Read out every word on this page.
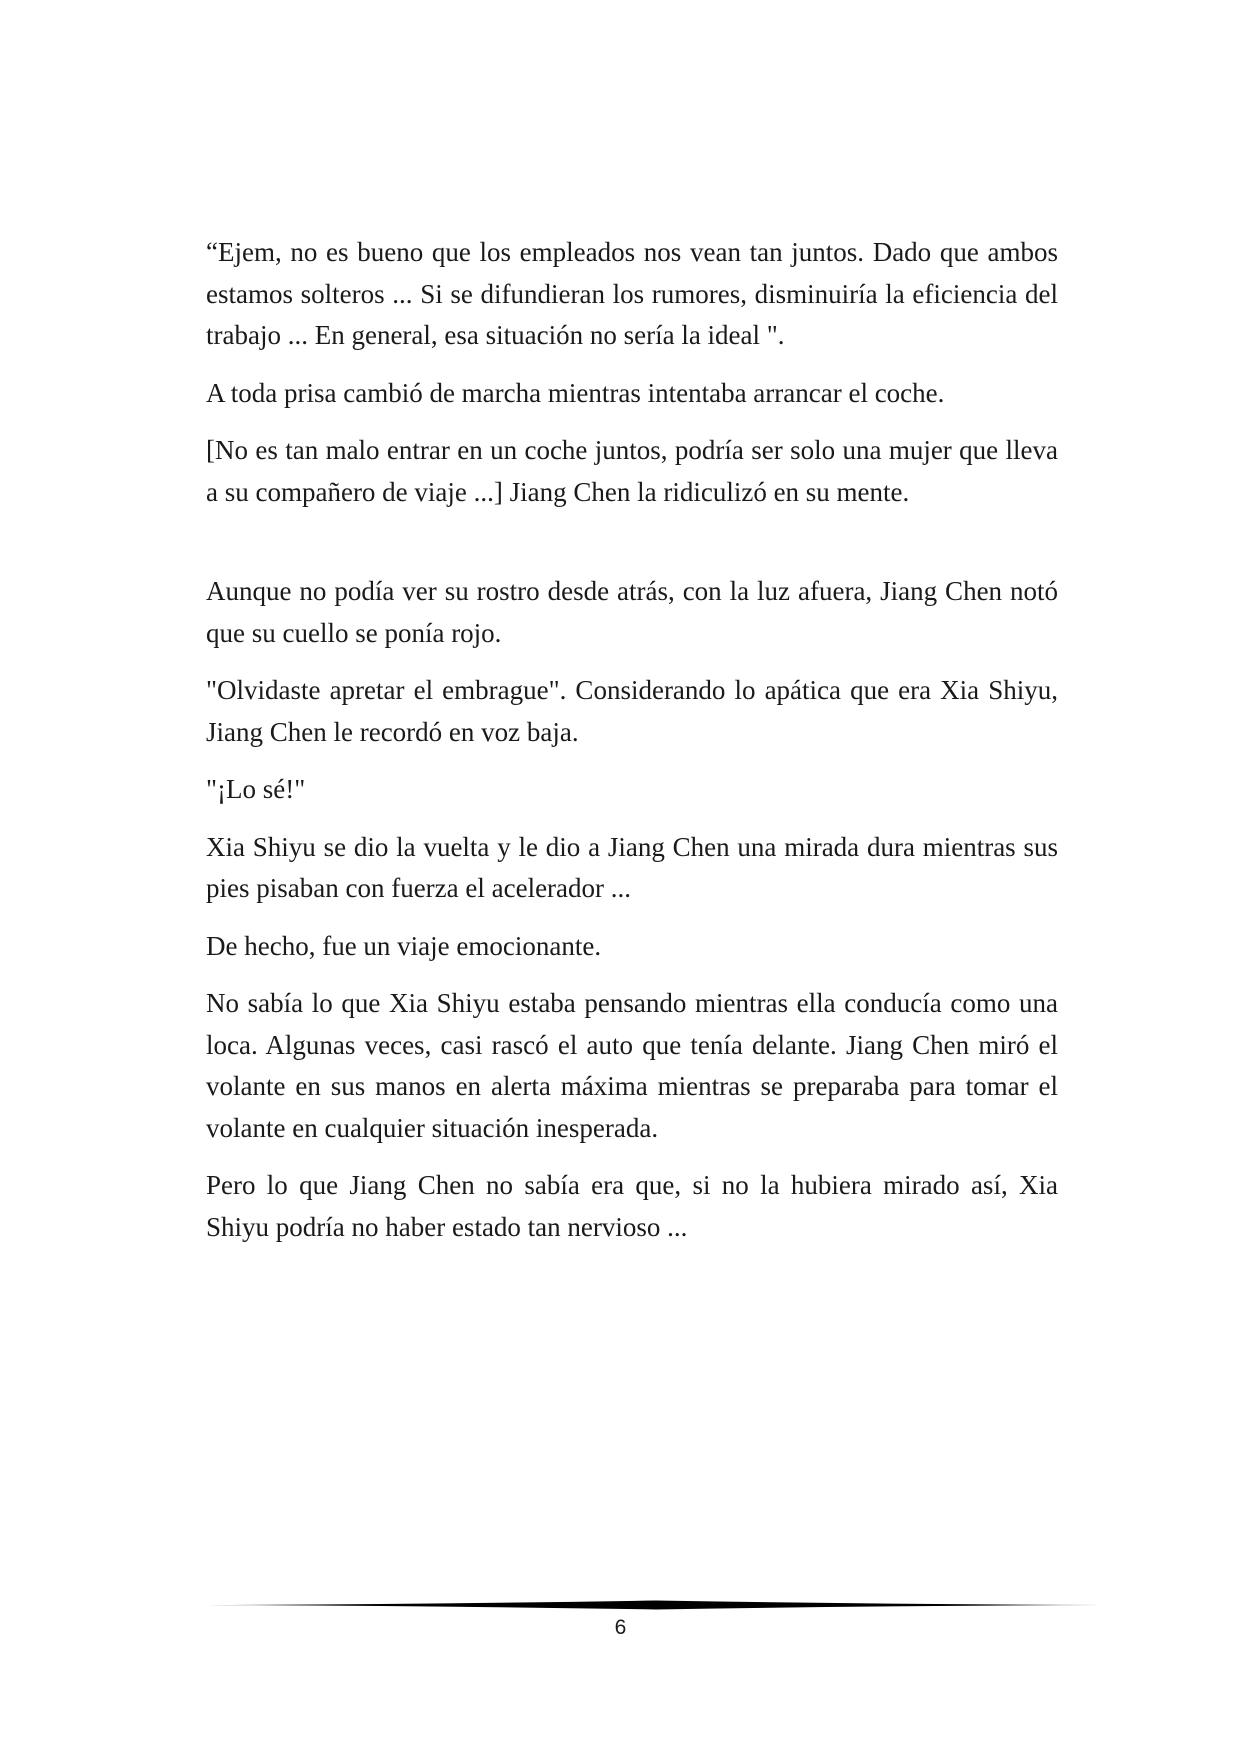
“Ejem, no es bueno que los empleados nos vean tan juntos. Dado que ambos estamos solteros ... Si se difundieran los rumores, disminuiría la eficiencia del trabajo ... En general, esa situación no sería la ideal ".

A toda prisa cambió de marcha mientras intentaba arrancar el coche.

[No es tan malo entrar en un coche juntos, podría ser solo una mujer que lleva a su compañero de viaje ...] Jiang Chen la ridiculizó en su mente.

Aunque no podía ver su rostro desde atrás, con la luz afuera, Jiang Chen notó que su cuello se ponía rojo.

"Olvidaste apretar el embrague". Considerando lo apática que era Xia Shiyu, Jiang Chen le recordó en voz baja.

"¡Lo sé!"

Xia Shiyu se dio la vuelta y le dio a Jiang Chen una mirada dura mientras sus pies pisaban con fuerza el acelerador ...

De hecho, fue un viaje emocionante.

No sabía lo que Xia Shiyu estaba pensando mientras ella conducía como una loca. Algunas veces, casi rascó el auto que tenía delante. Jiang Chen miró el volante en sus manos en alerta máxima mientras se preparaba para tomar el volante en cualquier situación inesperada.

Pero lo que Jiang Chen no sabía era que, si no la hubiera mirado así, Xia Shiyu podría no haber estado tan nervioso ...

6
